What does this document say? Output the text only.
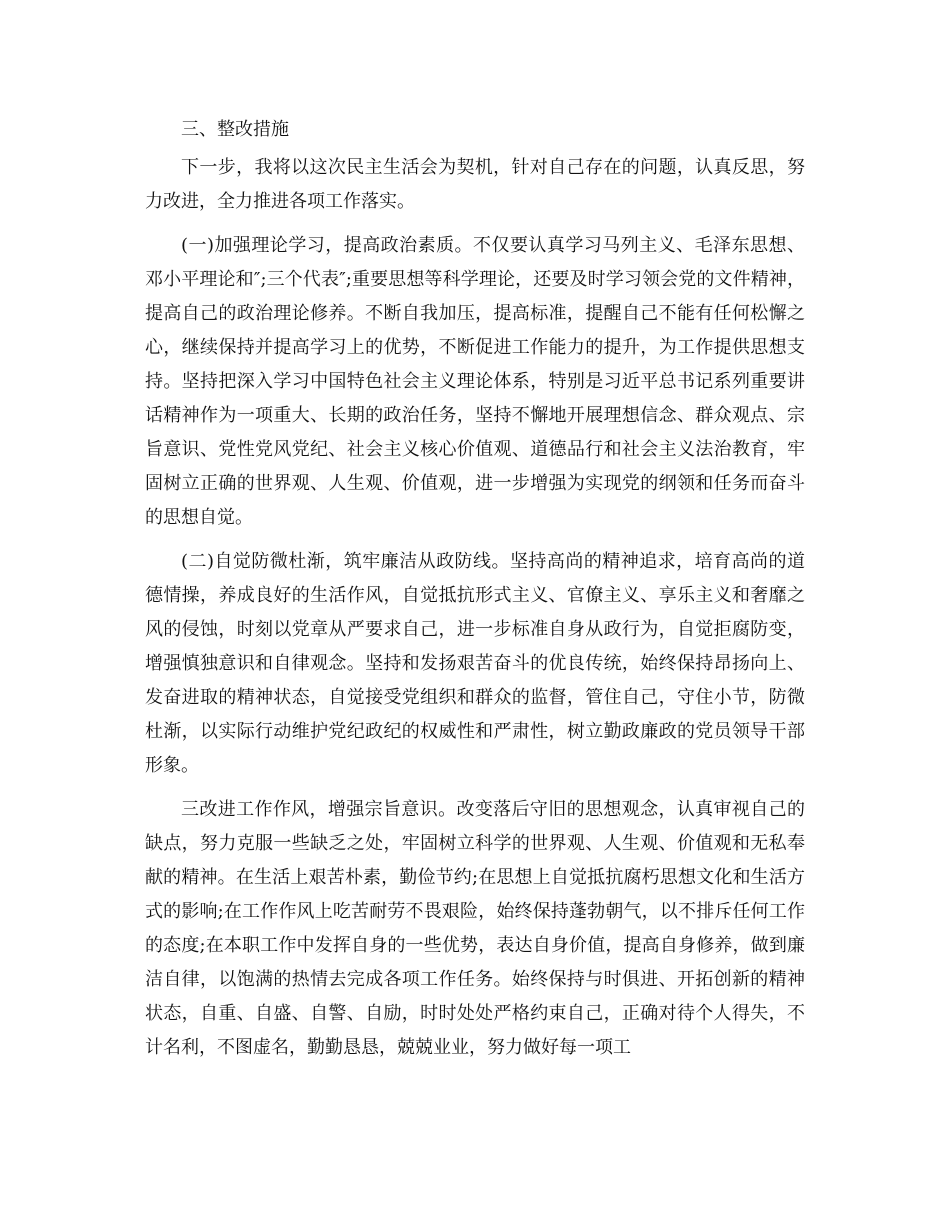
三、整改措施

下一步，我将以这次民主生活会为契机，针对自己存在的问题，认真反思，努力改进，全力推进各项工作落实。

(一)加强理论学习，提高政治素质。不仅要认真学习马列主义、毛泽东思想、邓小平理论和″;三个代表″;重要思想等科学理论，还要及时学习领会党的文件精神，提高自己的政治理论修养。不断自我加压，提高标准，提醒自己不能有任何松懈之心，继续保持并提高学习上的优势，不断促进工作能力的提升，为工作提供思想支持。坚持把深入学习中国特色社会主义理论体系，特别是习近平总书记系列重要讲话精神作为一项重大、长期的政治任务，坚持不懈地开展理想信念、群众观点、宗旨意识、党性党风党纪、社会主义核心价值观、道德品行和社会主义法治教育，牢固树立正确的世界观、人生观、价值观，进一步增强为实现党的纲领和任务而奋斗的思想自觉。

(二)自觉防微杜渐，筑牢廉洁从政防线。坚持高尚的精神追求，培育高尚的道德情操，养成良好的生活作风，自觉抵抗形式主义、官僚主义、享乐主义和奢靡之风的侵蚀，时刻以党章从严要求自己，进一步标准自身从政行为，自觉拒腐防变，增强慎独意识和自律观念。坚持和发扬艰苦奋斗的优良传统，始终保持昂扬向上、发奋进取的精神状态，自觉接受党组织和群众的监督，管住自己，守住小节，防微杜渐，以实际行动维护党纪政纪的权威性和严肃性，树立勤政廉政的党员领导干部形象。

三改进工作作风，增强宗旨意识。改变落后守旧的思想观念，认真审视自己的缺点，努力克服一些缺乏之处，牢固树立科学的世界观、人生观、价值观和无私奉献的精神。在生活上艰苦朴素，勤俭节约;在思想上自觉抵抗腐朽思想文化和生活方式的影响;在工作作风上吃苦耐劳不畏艰险，始终保持蓬勃朝气，以不排斥任何工作的态度;在本职工作中发挥自身的一些优势，表达自身价值，提高自身修养，做到廉洁自律，以饱满的热情去完成各项工作任务。始终保持与时俱进、开拓创新的精神状态，自重、自盛、自警、自励，时时处处严格约束自己，正确对待个人得失，不计名利，不图虚名，勤勤恳恳，兢兢业业，努力做好每一项工
